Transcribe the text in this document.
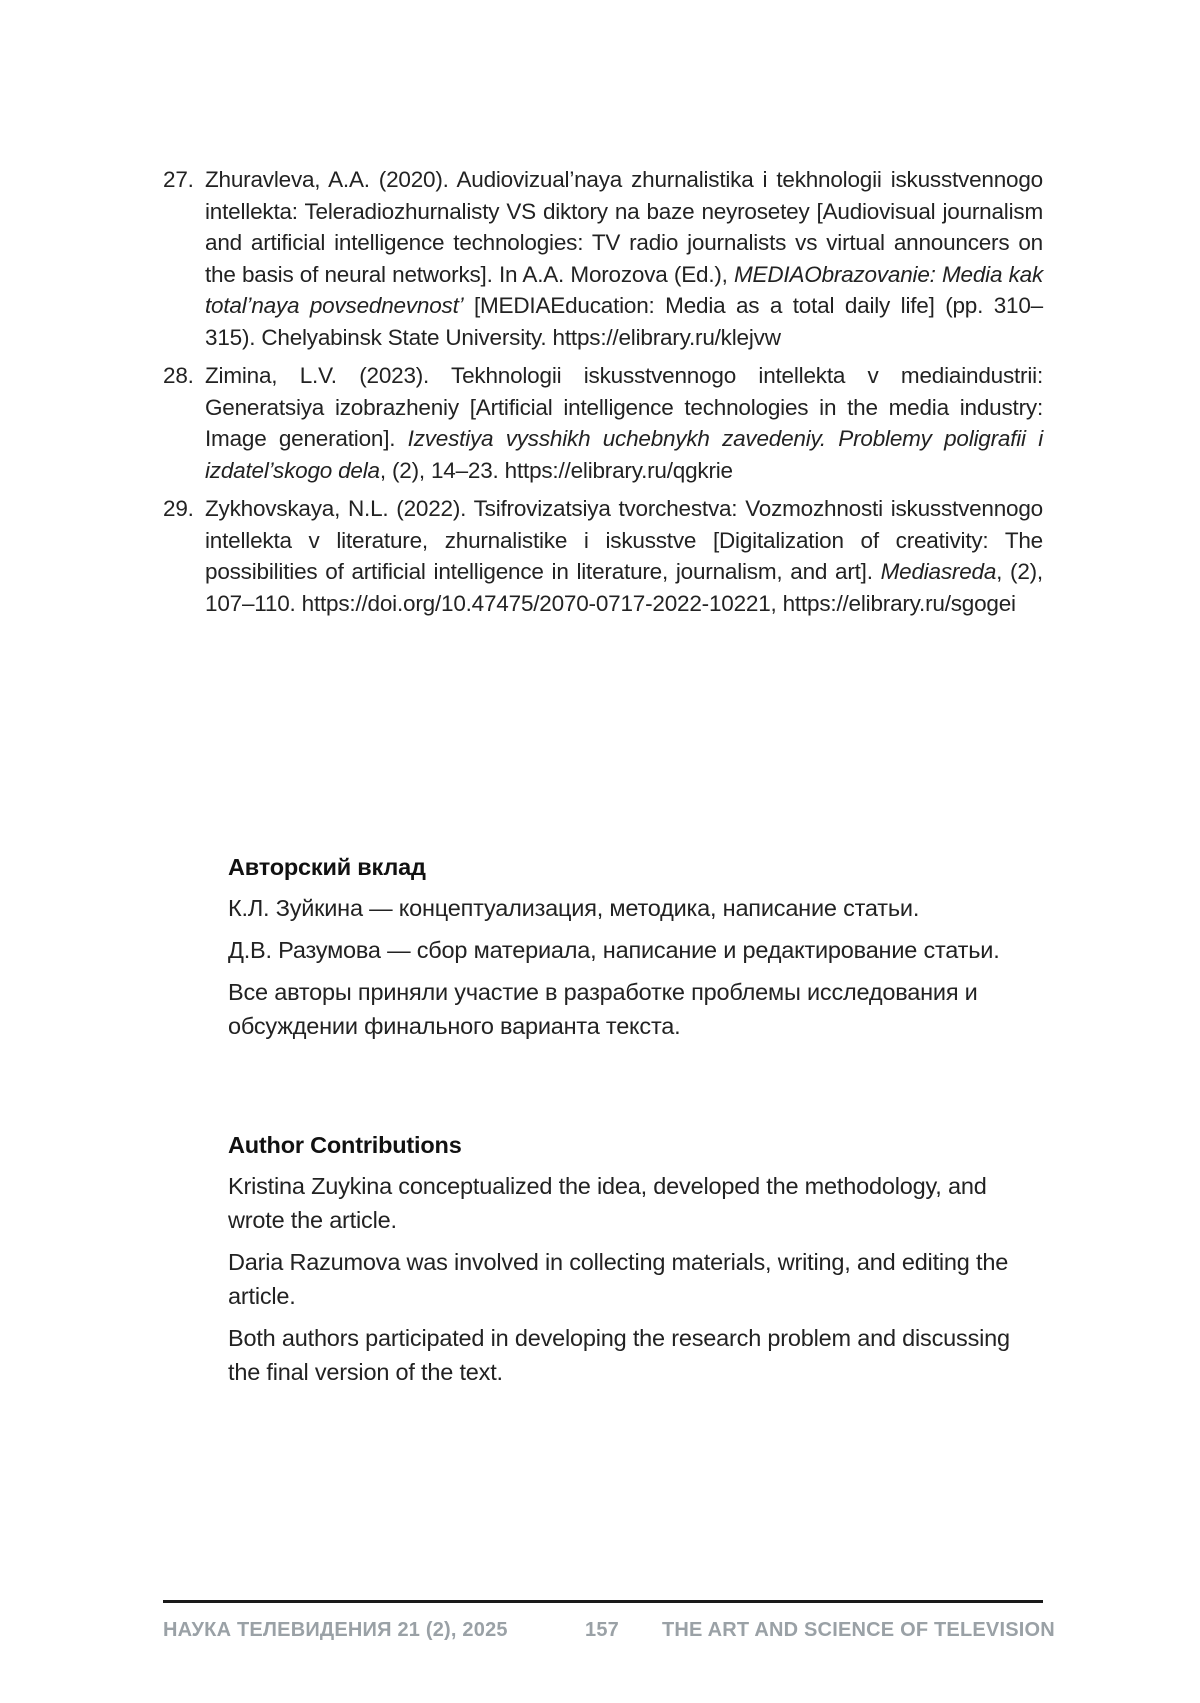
27. Zhuravleva, A.A. (2020). Audiovizual’naya zhurnalistika i tekhnologii iskusstvennogo intellekta: Teleradiozhurnalisty VS diktory na baze neyrosetey [Audiovisual journalism and artificial intelligence technologies: TV radio journalists vs virtual announcers on the basis of neural networks]. In A.A. Morozova (Ed.), MEDIAObrazovanie: Media kak total’naya povsednevnost’ [MEDIAEducation: Media as a total daily life] (pp. 310–315). Chelyabinsk State University. https://elibrary.ru/klejvw
28. Zimina, L.V. (2023). Tekhnologii iskusstvennogo intellekta v mediaindustrii: Generatsiya izobrazheniy [Artificial intelligence technologies in the media industry: Image generation]. Izvestiya vysshikh uchebnykh zavedeniy. Problemy poligrafii i izdatel’skogo dela, (2), 14–23. https://elibrary.ru/qgkrie
29. Zykhovskaya, N.L. (2022). Tsifrovizatsiya tvorchestva: Vozmozhnosti iskusstvennogo intellekta v literature, zhurnalistike i iskusstve [Digitalization of creativity: The possibilities of artificial intelligence in literature, journalism, and art]. Mediasreda, (2), 107–110. https://doi.org/10.47475/2070-0717-2022-10221, https://elibrary.ru/sgogei
Авторский вклад

К.Л. Зуйкина — концептуализация, методика, написание статьи.

Д.В. Разумова — сбор материала, написание и редактирование статьи.

Все авторы приняли участие в разработке проблемы исследования и обсуждении финального варианта текста.

Author Contributions

Kristina Zuykina conceptualized the idea, developed the methodology, and wrote the article.

Daria Razumova was involved in collecting materials, writing, and editing the article.

Both authors participated in developing the research problem and discussing the final version of the text.

НАУКА ТЕЛЕВИДЕНИЯ 21 (2), 2025	157 THE ART AND SCIENCE OF TELEVISION
